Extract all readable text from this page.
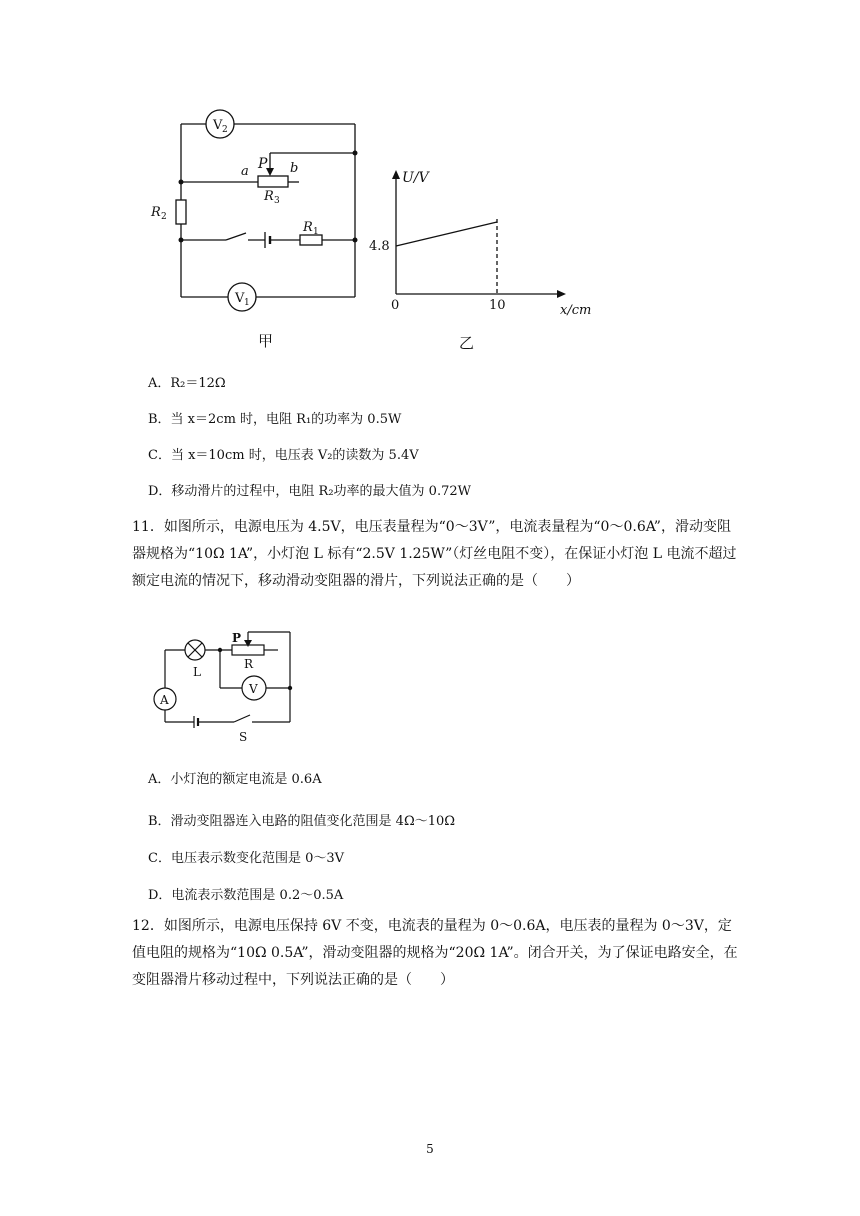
V 2
V 1
P
a	b
R 3
R 2
R 1
甲
U/V
x/cm
0	10
4.8
乙
A．R₂＝12Ω
B．当 x＝2cm 时，电阻 R₁的功率为 0.5W
C．当 x＝10cm 时，电压表 V₂的读数为 5.4V
D．移动滑片的过程中，电阻 R₂功率的最大值为 0.72W
11．如图所示，电源电压为 4.5V，电压表量程为“0～3V”，电流表量程为“0～0.6A”，滑动变阻器规格为“10Ω 1A”，小灯泡 L 标有“2.5V 1.25W”（灯丝电阻不变），在保证小灯泡 L 电流不超过额定电流的情况下，移动滑动变阻器的滑片，下列说法正确的是（　　）
P
R
L
V
A
S
A．小灯泡的额定电流是 0.6A
B．滑动变阻器连入电路的阻值变化范围是 4Ω～10Ω
C．电压表示数变化范围是 0～3V
D．电流表示数范围是 0.2～0.5A
12．如图所示，电源电压保持 6V 不变，电流表的量程为 0～0.6A，电压表的量程为 0～3V，定值电阻的规格为“10Ω 0.5A”，滑动变阻器的规格为“20Ω 1A”。闭合开关，为了保证电路安全，在变阻器滑片移动过程中，下列说法正确的是（　　）
5
